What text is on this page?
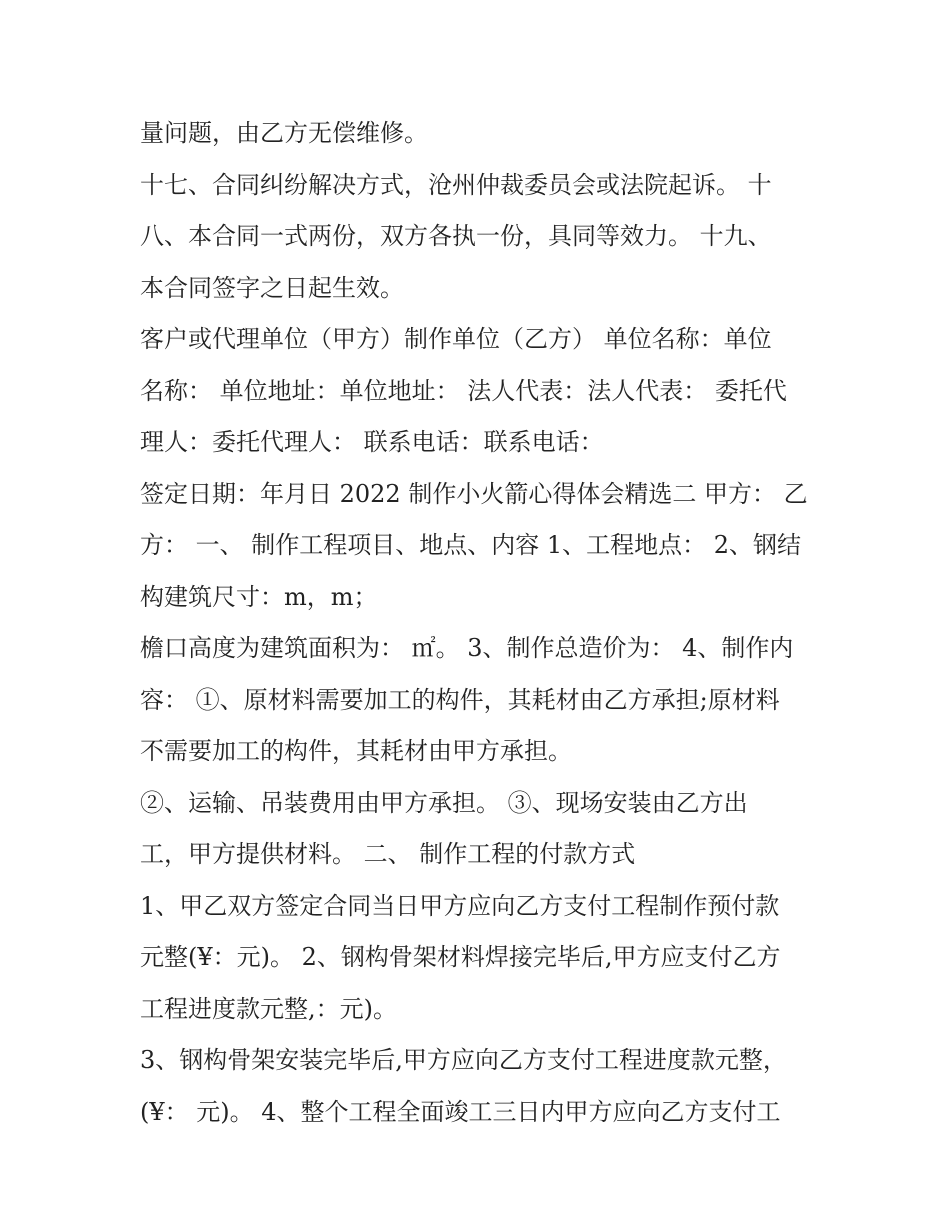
量问题，由乙方无偿维修。

十七、合同纠纷解决方式，沧州仲裁委员会或法院起诉。 十
八、本合同一式两份，双方各执一份，具同等效力。 十九、
本合同签字之日起生效。

客户或代理单位（甲方）制作单位（乙方） 单位名称：单位
名称： 单位地址：单位地址： 法人代表：法人代表： 委托代
理人：委托代理人： 联系电话：联系电话：

签定日期：年月日 2022 制作小火箭心得体会精选二 甲方： 乙
方： 一、 制作工程项目、地点、内容 1、工程地点： 2、钢结
构建筑尺寸：m，m；

檐口高度为建筑面积为： ㎡。 3、制作总造价为： 4、制作内
容： ①、原材料需要加工的构件，其耗材由乙方承担;原材料
不需要加工的构件，其耗材由甲方承担。

②、运输、吊装费用由甲方承担。 ③、现场安装由乙方出
工，甲方提供材料。 二、 制作工程的付款方式

1、甲乙双方签定合同当日甲方应向乙方支付工程制作预付款
元整(¥：元)。 2、钢构骨架材料焊接完毕后,甲方应支付乙方
工程进度款元整,：元)。

3、钢构骨架安装完毕后,甲方应向乙方支付工程进度款元整，
(¥： 元)。 4、整个工程全面竣工三日内甲方应向乙方支付工
